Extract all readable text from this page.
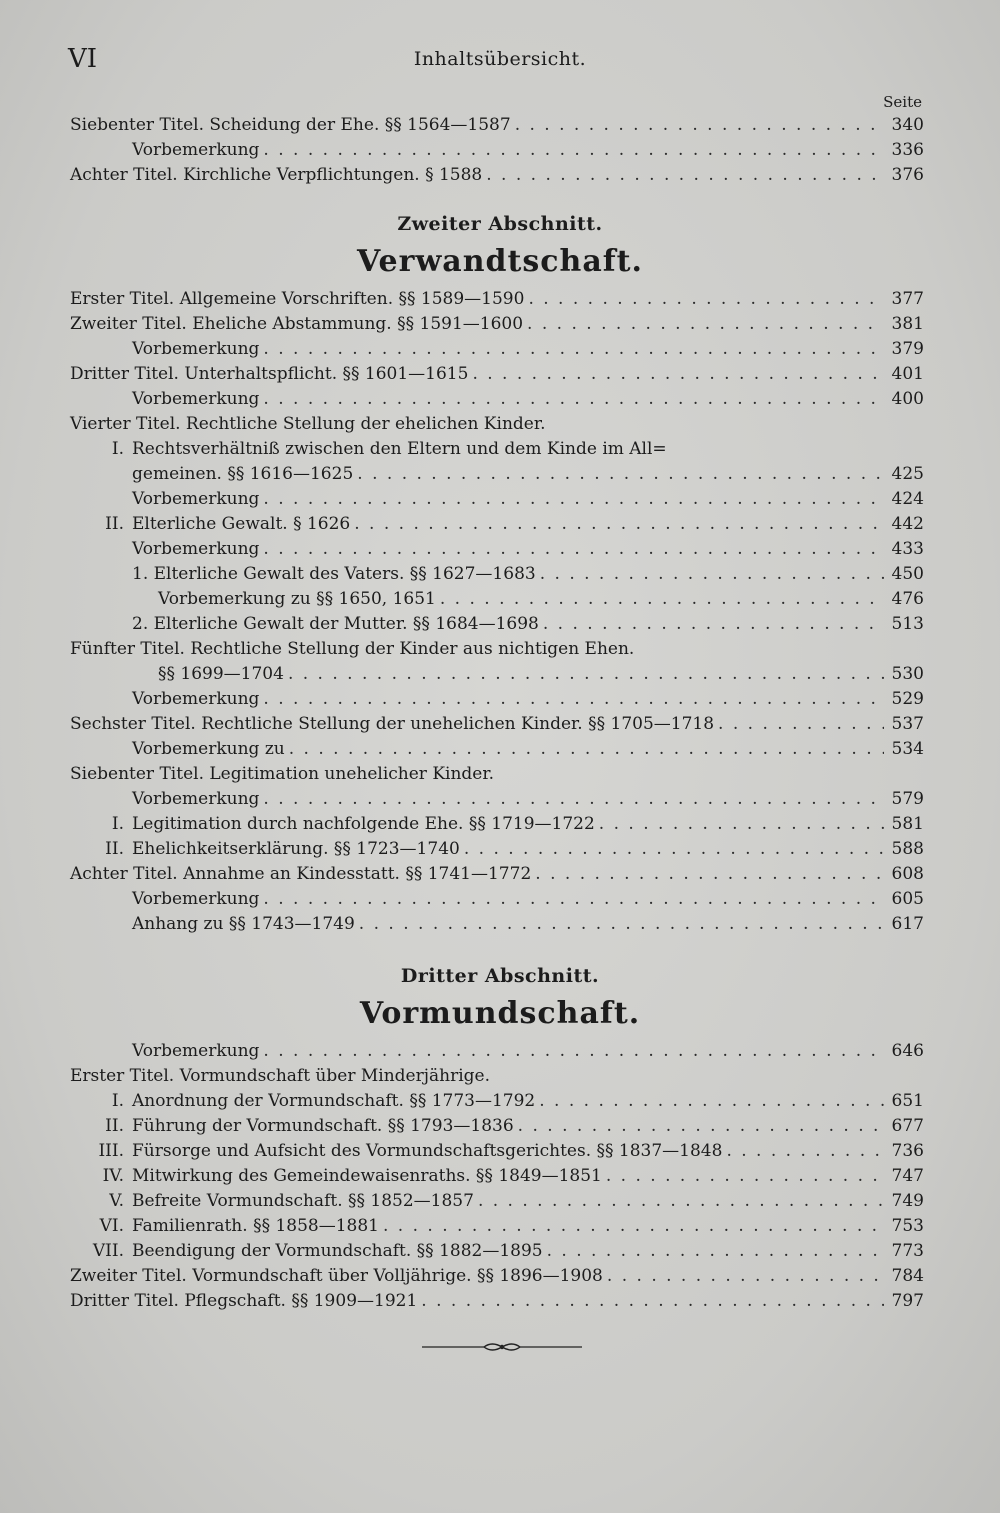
VI	Inhaltsübersicht.
Seite
Siebenter Titel. Scheidung der Ehe. §§ 1564—1587 . . .	340
Vorbemerkung . . .	336
Achter Titel. Kirchliche Verpflichtungen. § 1588 . . .	376
Zweiter Abschnitt.
Verwandtschaft.
Erster Titel. Allgemeine Vorschriften. §§ 1589—1590 . . .	377
Zweiter Titel. Eheliche Abstammung. §§ 1591—1600 . . .	381
Vorbemerkung . . .	379
Dritter Titel. Unterhaltspflicht. §§ 1601—1615 . . .	401
Vorbemerkung . . .	400
Vierter Titel. Rechtliche Stellung der ehelichen Kinder.
I. Rechtsverhältniß zwischen den Eltern und dem Kinde im All=
gemeinen. §§ 1616—1625 . . .	425
Vorbemerkung . . .	424
II. Elterliche Gewalt. § 1626 . . .	442
Vorbemerkung . . .	433
1. Elterliche Gewalt des Vaters. §§ 1627—1683 . . .	450
Vorbemerkung zu §§ 1650, 1651 . . .	476
2. Elterliche Gewalt der Mutter. §§ 1684—1698 . . .	513
Fünfter Titel. Rechtliche Stellung der Kinder aus nichtigen Ehen.
§§ 1699—1704 . . .	530
Vorbemerkung . . .	529
Sechster Titel. Rechtliche Stellung der unehelichen Kinder. §§ 1705—1718 . . .	537
Vorbemerkung zu . . .	534
Siebenter Titel. Legitimation unehelicher Kinder.
Vorbemerkung . . .	579
I. Legitimation durch nachfolgende Ehe. §§ 1719—1722 . . .	581
II. Ehelichkeitserklärung. §§ 1723—1740 . . .	588
Achter Titel. Annahme an Kindesstatt. §§ 1741—1772 . . .	608
Vorbemerkung . . .	605
Anhang zu §§ 1743—1749 . . .	617
Dritter Abschnitt.
Vormundschaft.
Vorbemerkung . . .	646
Erster Titel. Vormundschaft über Minderjährige.
I. Anordnung der Vormundschaft. §§ 1773—1792 . . .	651
II. Führung der Vormundschaft. §§ 1793—1836 . . .	677
III. Fürsorge und Aufsicht des Vormundschaftsgerichtes. §§ 1837—1848 . . .	736
IV. Mitwirkung des Gemeindewaisenraths. §§ 1849—1851 . . .	747
V. Befreite Vormundschaft. §§ 1852—1857 . . .	749
VI. Familienrath. §§ 1858—1881 . . .	753
VII. Beendigung der Vormundschaft. §§ 1882—1895 . . .	773
Zweiter Titel. Vormundschaft über Volljährige. §§ 1896—1908 . . .	784
Dritter Titel. Pflegschaft. §§ 1909—1921 . . .	797
